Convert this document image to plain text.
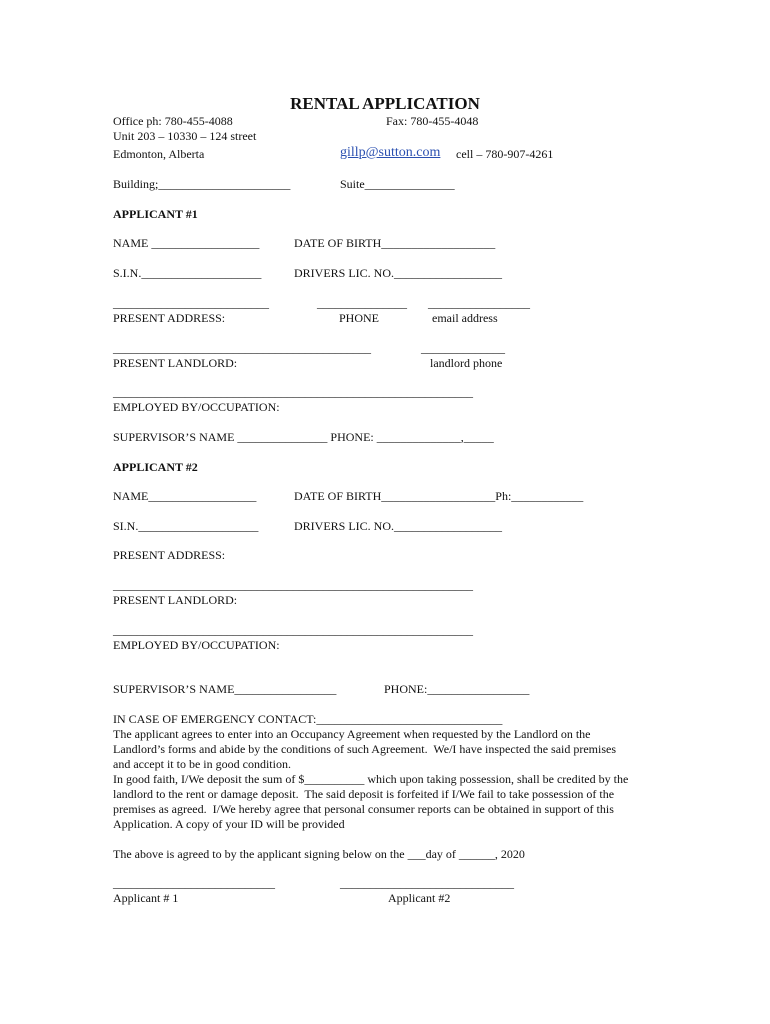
RENTAL APPLICATION
Office ph: 780-455-4088	Fax: 780-455-4048
Unit 203 – 10330 – 124 street
Edmonton, Alberta	gillp@sutton.com cell – 780-907-4261
Building;______________________	Suite_______________
APPLICANT #1
NAME __________________	DATE OF BIRTH___________________
S.I.N.____________________	DRIVERS LIC. NO.__________________
__________________________	_______________ _________________
PRESENT ADDRESS:	PHONE	email address
___________________________________________	______________
PRESENT LANDLORD:	landlord phone
____________________________________________________________
EMPLOYED BY/OCCUPATION:
SUPERVISOR’S NAME _______________ PHONE: ______________,_____
APPLICANT #2
NAME__________________	DATE OF BIRTH___________________Ph:____________
SI.N.____________________	DRIVERS LIC. NO.__________________
PRESENT ADDRESS:
____________________________________________________________
PRESENT LANDLORD:
____________________________________________________________
EMPLOYED BY/OCCUPATION:
SUPERVISOR’S NAME_________________	PHONE:_________________
IN CASE OF EMERGENCY CONTACT:_______________________________
The applicant agrees to enter into an Occupancy Agreement when requested by the Landlord on the
Landlord’s forms and abide by the conditions of such Agreement.  We/I have inspected the said premises
and accept it to be in good condition.
In good faith, I/We deposit the sum of $__________ which upon taking possession, shall be credited by the
landlord to the rent or damage deposit.  The said deposit is forfeited if I/We fail to take possession of the
premises as agreed.  I/We hereby agree that personal consumer reports can be obtained in support of this
Application. A copy of your ID will be provided
The above is agreed to by the applicant signing below on the ___day of ______, 2020
___________________________	_____________________________
Applicant # 1	Applicant #2
